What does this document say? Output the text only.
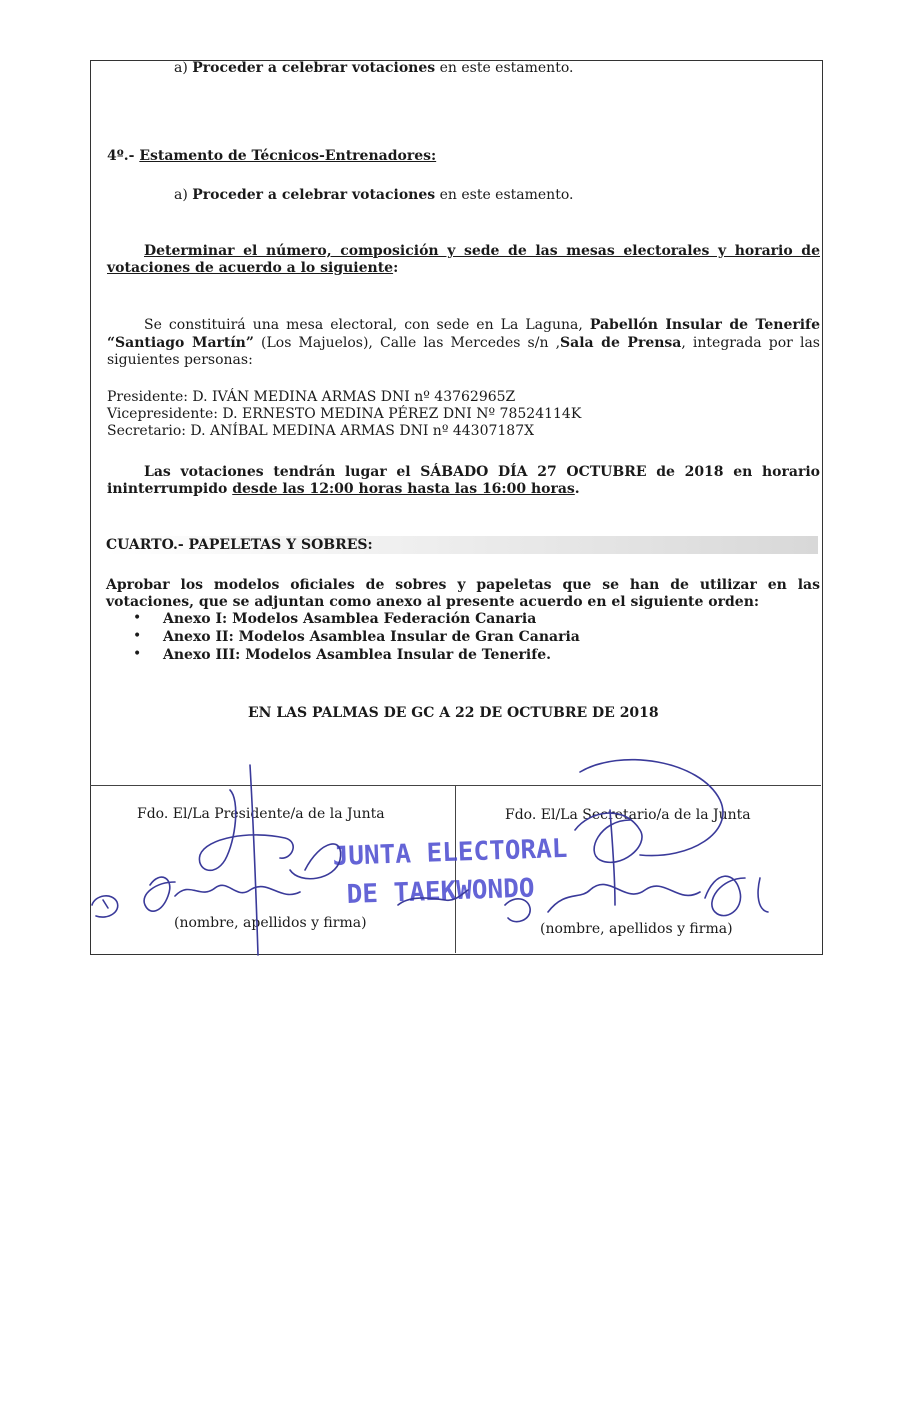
a) Proceder a celebrar votaciones en este estamento.
4º.- Estamento de Técnicos-Entrenadores:
a) Proceder a celebrar votaciones en este estamento.
Determinar el número, composición y sede de las mesas electorales y horario de
votaciones de acuerdo a lo siguiente:
Se constituirá una mesa electoral, con sede en La Laguna, Pabellón Insular de Tenerife
“Santiago Martín” (Los Majuelos), Calle las Mercedes s/n ,Sala de Prensa, integrada por las
siguientes personas:
Presidente: D. IVÁN MEDINA ARMAS DNI nº 43762965Z
Vicepresidente: D. ERNESTO MEDINA PÉREZ DNI Nº 78524114K
Secretario: D. ANÍBAL MEDINA ARMAS DNI nº 44307187X
Las votaciones tendrán lugar el SÁBADO DÍA 27 OCTUBRE de 2018 en horario
ininterrumpido desde las 12:00 horas hasta las 16:00 horas.
CUARTO.- PAPELETAS Y SOBRES:
Aprobar los modelos oficiales de sobres y papeletas que se han de utilizar en las
votaciones, que se adjuntan como anexo al presente acuerdo en el siguiente orden:
• Anexo I: Modelos Asamblea Federación Canaria
• Anexo II: Modelos Asamblea Insular de Gran Canaria
• Anexo III: Modelos Asamblea Insular de Tenerife.
EN LAS PALMAS DE GC A 22 DE OCTUBRE DE 2018
Fdo. El/La Presidente/a de la Junta
(nombre, apellidos y firma)
Fdo. El/La Secretario/a de la Junta
(nombre, apellidos y firma)
JUNTA ELECTORAL
DE TAEKWONDO
